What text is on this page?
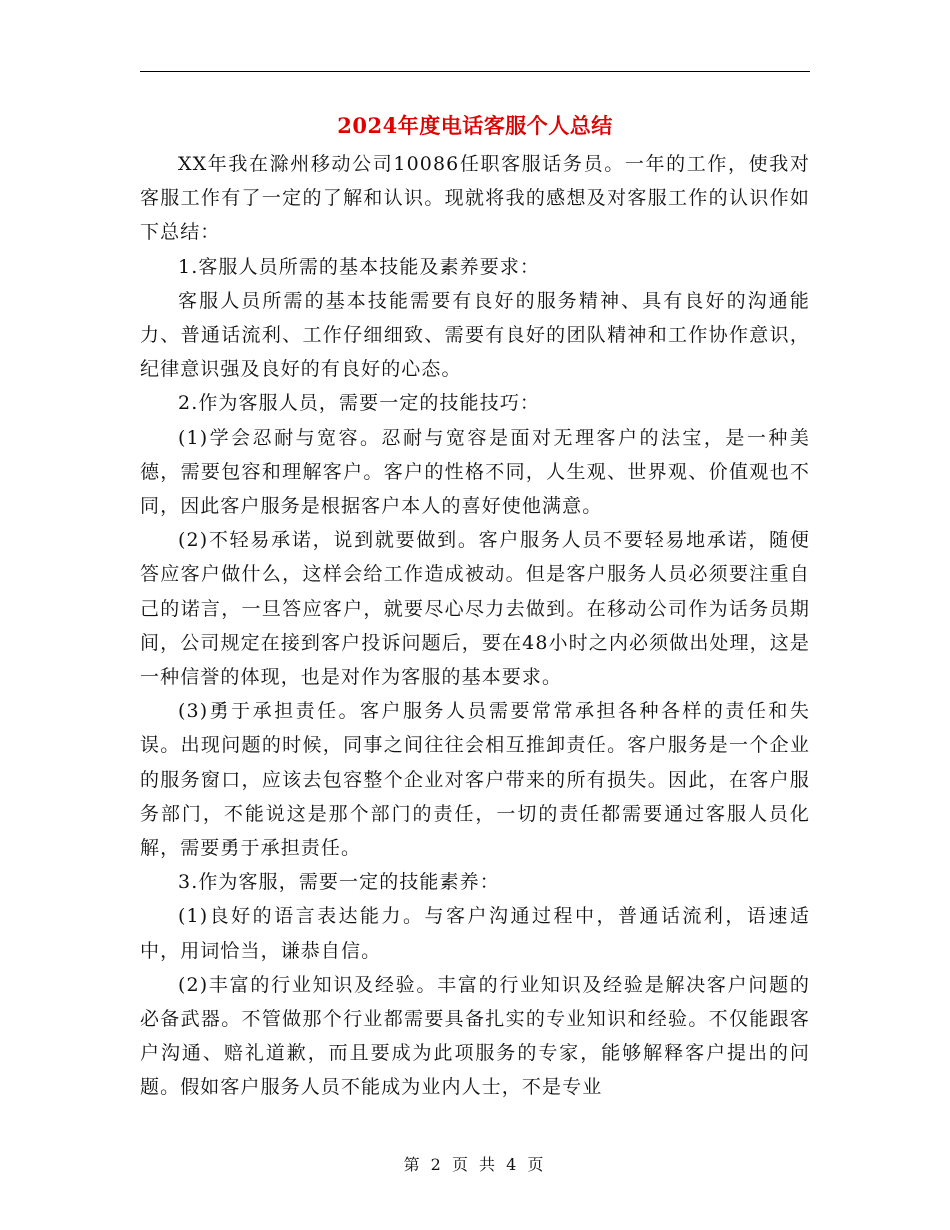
2024年度电话客服个人总结

XX年我在滁州移动公司10086任职客服话务员。一年的工作，使我对客服工作有了一定的了解和认识。现就将我的感想及对客服工作的认识作如下总结：

1.客服人员所需的基本技能及素养要求：

客服人员所需的基本技能需要有良好的服务精神、具有良好的沟通能力、普通话流利、工作仔细细致、需要有良好的团队精神和工作协作意识，纪律意识强及良好的有良好的心态。

2.作为客服人员，需要一定的技能技巧：

(1)学会忍耐与宽容。忍耐与宽容是面对无理客户的法宝，是一种美德，需要包容和理解客户。客户的性格不同，人生观、世界观、价值观也不同，因此客户服务是根据客户本人的喜好使他满意。

(2)不轻易承诺，说到就要做到。客户服务人员不要轻易地承诺，随便答应客户做什么，这样会给工作造成被动。但是客户服务人员必须要注重自己的诺言，一旦答应客户，就要尽心尽力去做到。在移动公司作为话务员期间，公司规定在接到客户投诉问题后，要在48小时之内必须做出处理，这是一种信誉的体现，也是对作为客服的基本要求。

(3)勇于承担责任。客户服务人员需要常常承担各种各样的责任和失误。出现问题的时候，同事之间往往会相互推卸责任。客户服务是一个企业的服务窗口，应该去包容整个企业对客户带来的所有损失。因此，在客户服务部门，不能说这是那个部门的责任，一切的责任都需要通过客服人员化解，需要勇于承担责任。

3.作为客服，需要一定的技能素养：

(1)良好的语言表达能力。与客户沟通过程中，普通话流利，语速适中，用词恰当，谦恭自信。

(2)丰富的行业知识及经验。丰富的行业知识及经验是解决客户问题的必备武器。不管做那个行业都需要具备扎实的专业知识和经验。不仅能跟客户沟通、赔礼道歉，而且要成为此项服务的专家，能够解释客户提出的问题。假如客户服务人员不能成为业内人士，不是专业

第 2 页 共 4 页
